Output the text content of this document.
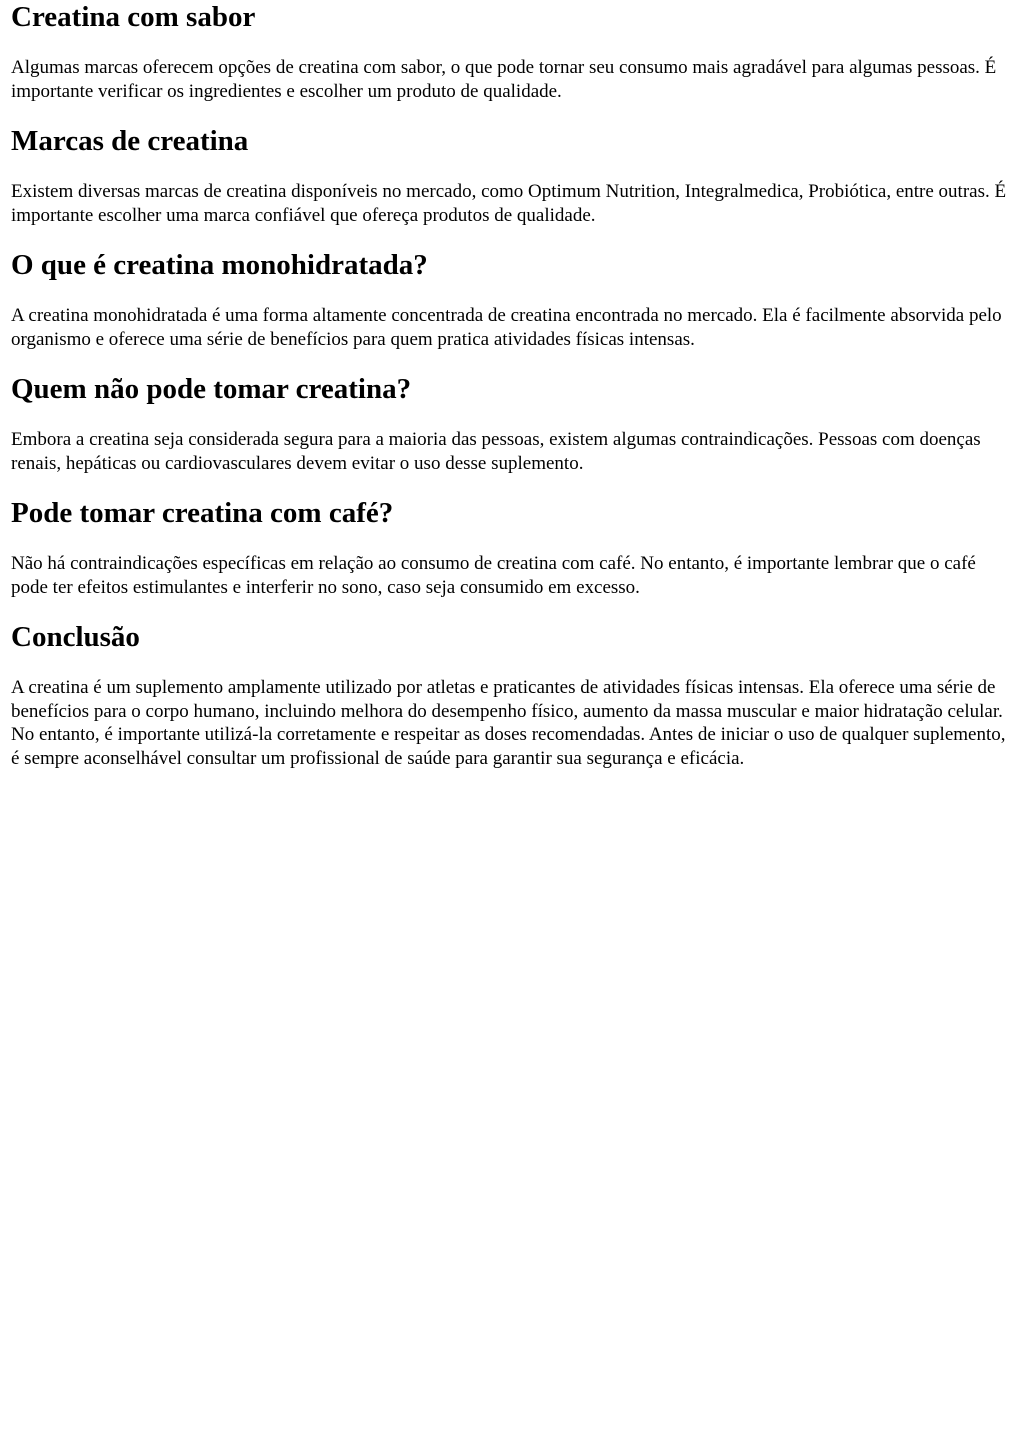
Creatina com sabor

Algumas marcas oferecem opções de creatina com sabor, o que pode tornar seu consumo mais agradável para algumas pessoas. É importante verificar os ingredientes e escolher um produto de qualidade.

Marcas de creatina

Existem diversas marcas de creatina disponíveis no mercado, como Optimum Nutrition, Integralmedica, Probiótica, entre outras. É importante escolher uma marca confiável que ofereça produtos de qualidade.

O que é creatina monohidratada?

A creatina monohidratada é uma forma altamente concentrada de creatina encontrada no mercado. Ela é facilmente absorvida pelo organismo e oferece uma série de benefícios para quem pratica atividades físicas intensas.

Quem não pode tomar creatina?

Embora a creatina seja considerada segura para a maioria das pessoas, existem algumas contraindicações. Pessoas com doenças renais, hepáticas ou cardiovasculares devem evitar o uso desse suplemento.

Pode tomar creatina com café?

Não há contraindicações específicas em relação ao consumo de creatina com café. No entanto, é importante lembrar que o café pode ter efeitos estimulantes e interferir no sono, caso seja consumido em excesso.

Conclusão

A creatina é um suplemento amplamente utilizado por atletas e praticantes de atividades físicas intensas. Ela oferece uma série de benefícios para o corpo humano, incluindo melhora do desempenho físico, aumento da massa muscular e maior hidratação celular. No entanto, é importante utilizá-la corretamente e respeitar as doses recomendadas. Antes de iniciar o uso de qualquer suplemento, é sempre aconselhável consultar um profissional de saúde para garantir sua segurança e eficácia.
